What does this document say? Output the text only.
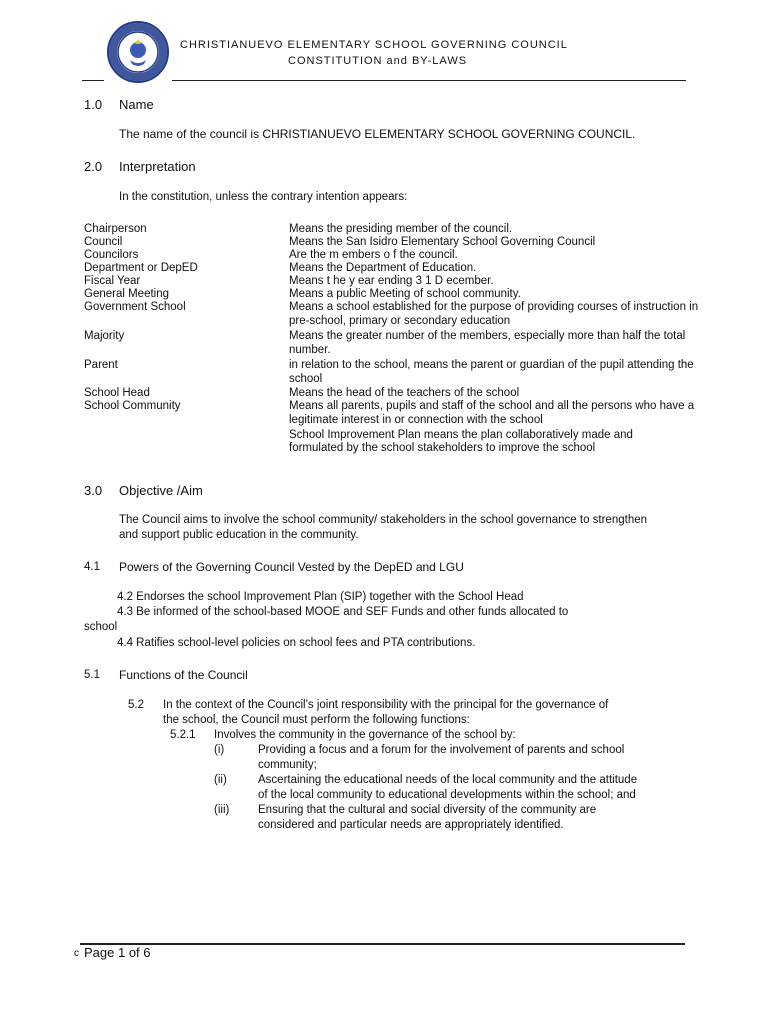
CHRISTIANUEVO ELEMENTARY SCHOOL GOVERNING COUNCIL
CONSTITUTION and BY-LAWS
1.0 Name
The name of the council is CHRISTIANUEVO ELEMENTARY SCHOOL GOVERNING COUNCIL.
2.0 Interpretation
In the constitution, unless the contrary intention appears:
Chairperson	Means the presiding member of the council.
Council	Means the San Isidro Elementary School Governing Council
Councilors	Are the m embers o f the council.
Department or DepED	Means the Department of Education.
Fiscal Year	Means t he y ear ending 3 1 D ecember.
General Meeting	Means a public Meeting of school community.
Government School	Means a school established for the purpose of providing courses of instruction in pre-school, primary or secondary education
Majority	Means the greater number of the members, especially more than half the total number.
Parent	in relation to the school, means the parent or guardian of the pupil attending the school
School Head	Means the head of the teachers of the school
School Community	Means all parents, pupils and staff of the school and all the persons who have a legitimate interest in or connection with the school
School Improvement Plan means the plan collaboratively made and
formulated by the school stakeholders to improve the school
3.0 Objective /Aim
The Council aims to involve the school community/ stakeholders in the school governance to strengthen
and support public education in the community.
4.1 Powers of the Governing Council Vested by the DepED and LGU
4.2 Endorses the school Improvement Plan (SIP) together with the School Head
4.3 Be informed of the school-based MOOE and SEF Funds and other funds allocated to
school
4.4 Ratifies school-level policies on school fees and PTA contributions.
5.1 Functions of the Council
5.2 In the context of the Council’s joint responsibility with the principal for the governance of
the school, the Council must perform the following functions:
5.2.1 Involves the community in the governance of the school by:
(i)	Providing a focus and a forum for the involvement of parents and school
community;
(ii)	Ascertaining the educational needs of the local community and the attitude
of the local community to educational developments within the school; and
(iii) Ensuring that the cultural and social diversity of the community are
considered and particular needs are appropriately identified.
c Page 1 of 6
